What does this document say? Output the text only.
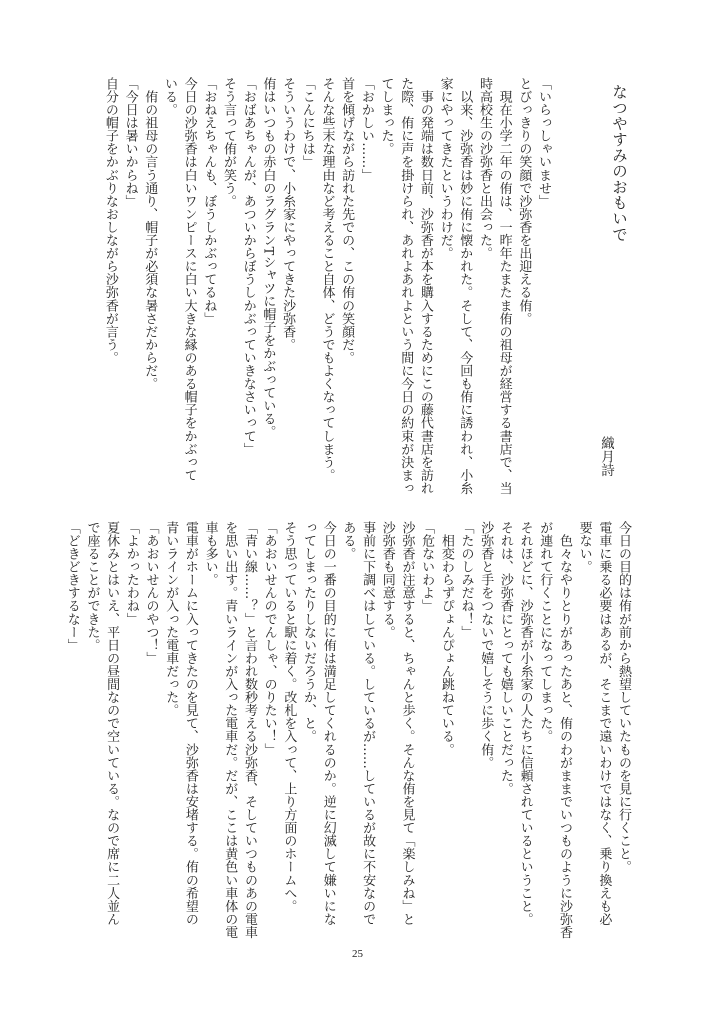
なつやすみのおもいで
織月詩
「いらっしゃいませ」
とびっきりの笑顔で沙弥香を出迎える侑。
　現在小学二年の侑は、一昨年たまたま侑の祖母が経営する書店で、当
時高校生の沙弥香と出会った。
　以来、沙弥香は妙に侑に懐かれた。そして、今回も侑に誘われ、小糸
家にやってきたというわけだ。
　事の発端は数日前、沙弥香が本を購入するためにこの藤代書店を訪れ
た際、侑に声を掛けられ、あれよあれよという間に今日の約束が決まっ
てしまった。
「おかしい……」
首を傾げながら訪れた先での、この侑の笑顔だ。
そんな些末な理由など考えること自体、どうでもよくなってしまう。
「こんにちは」
そういうわけで、小糸家にやってきた沙弥香。
侑はいつもの赤白のラグランTシャツに帽子をかぶっている。
「おばあちゃんが、あついからぼうしかぶっていきなさいって」
そう言って侑が笑う。
「おねえちゃんも、ぼうしかぶってるね」
今日の沙弥香は白いワンピースに白い大きな縁のある帽子をかぶって
いる。
　侑の祖母の言う通り、帽子が必須な暑さだからだ。
「今日は暑いからね」
自分の帽子をかぶりなおしながら沙弥香が言う。
今日の目的は侑が前から熱望していたものを見に行くこと。
電車に乗る必要はあるが、そこまで遠いわけではなく、乗り換えも必
要ない。
　色々なやりとりがあったあと、侑のわがままでいつものように沙弥香
が連れて行くことになってしまった。
それほどに、沙弥香が小糸家の人たちに信頼されているということ。
それは、沙弥香にとっても嬉しいことだった。
沙弥香と手をつないで嬉しそうに歩く侑。
「たのしみだね！」
　相変わらずぴょんぴょん跳ねている。
「危ないわよ」
沙弥香が注意すると、ちゃんと歩く。そんな侑を見て「楽しみね」と
沙弥香も同意する。
事前に下調べはしている。しているが……しているが故に不安なので
ある。
今日の一番の目的に侑は満足してくれるのか。逆に幻滅して嫌いにな
ってしまったりしないだろうか、と。
そう思っていると駅に着く。改札を入って、上り方面のホームへ。
「あおいせんのでんしゃ、のりたい！」
「青い線……？」と言われ数秒考える沙弥香、そしていつものあの電車
を思い出す。青いラインが入った電車だ。だが、ここは黄色い車体の電
車も多い。
電車がホームに入ってきたのを見て、沙弥香は安堵する。侑の希望の
青いラインが入った電車だった。
「あおいせんのやつ！」
「よかったわね」
夏休みとはいえ、平日の昼間なので空いている。なので席に二人並ん
で座ることができた。
「どきどきするなー」
25
